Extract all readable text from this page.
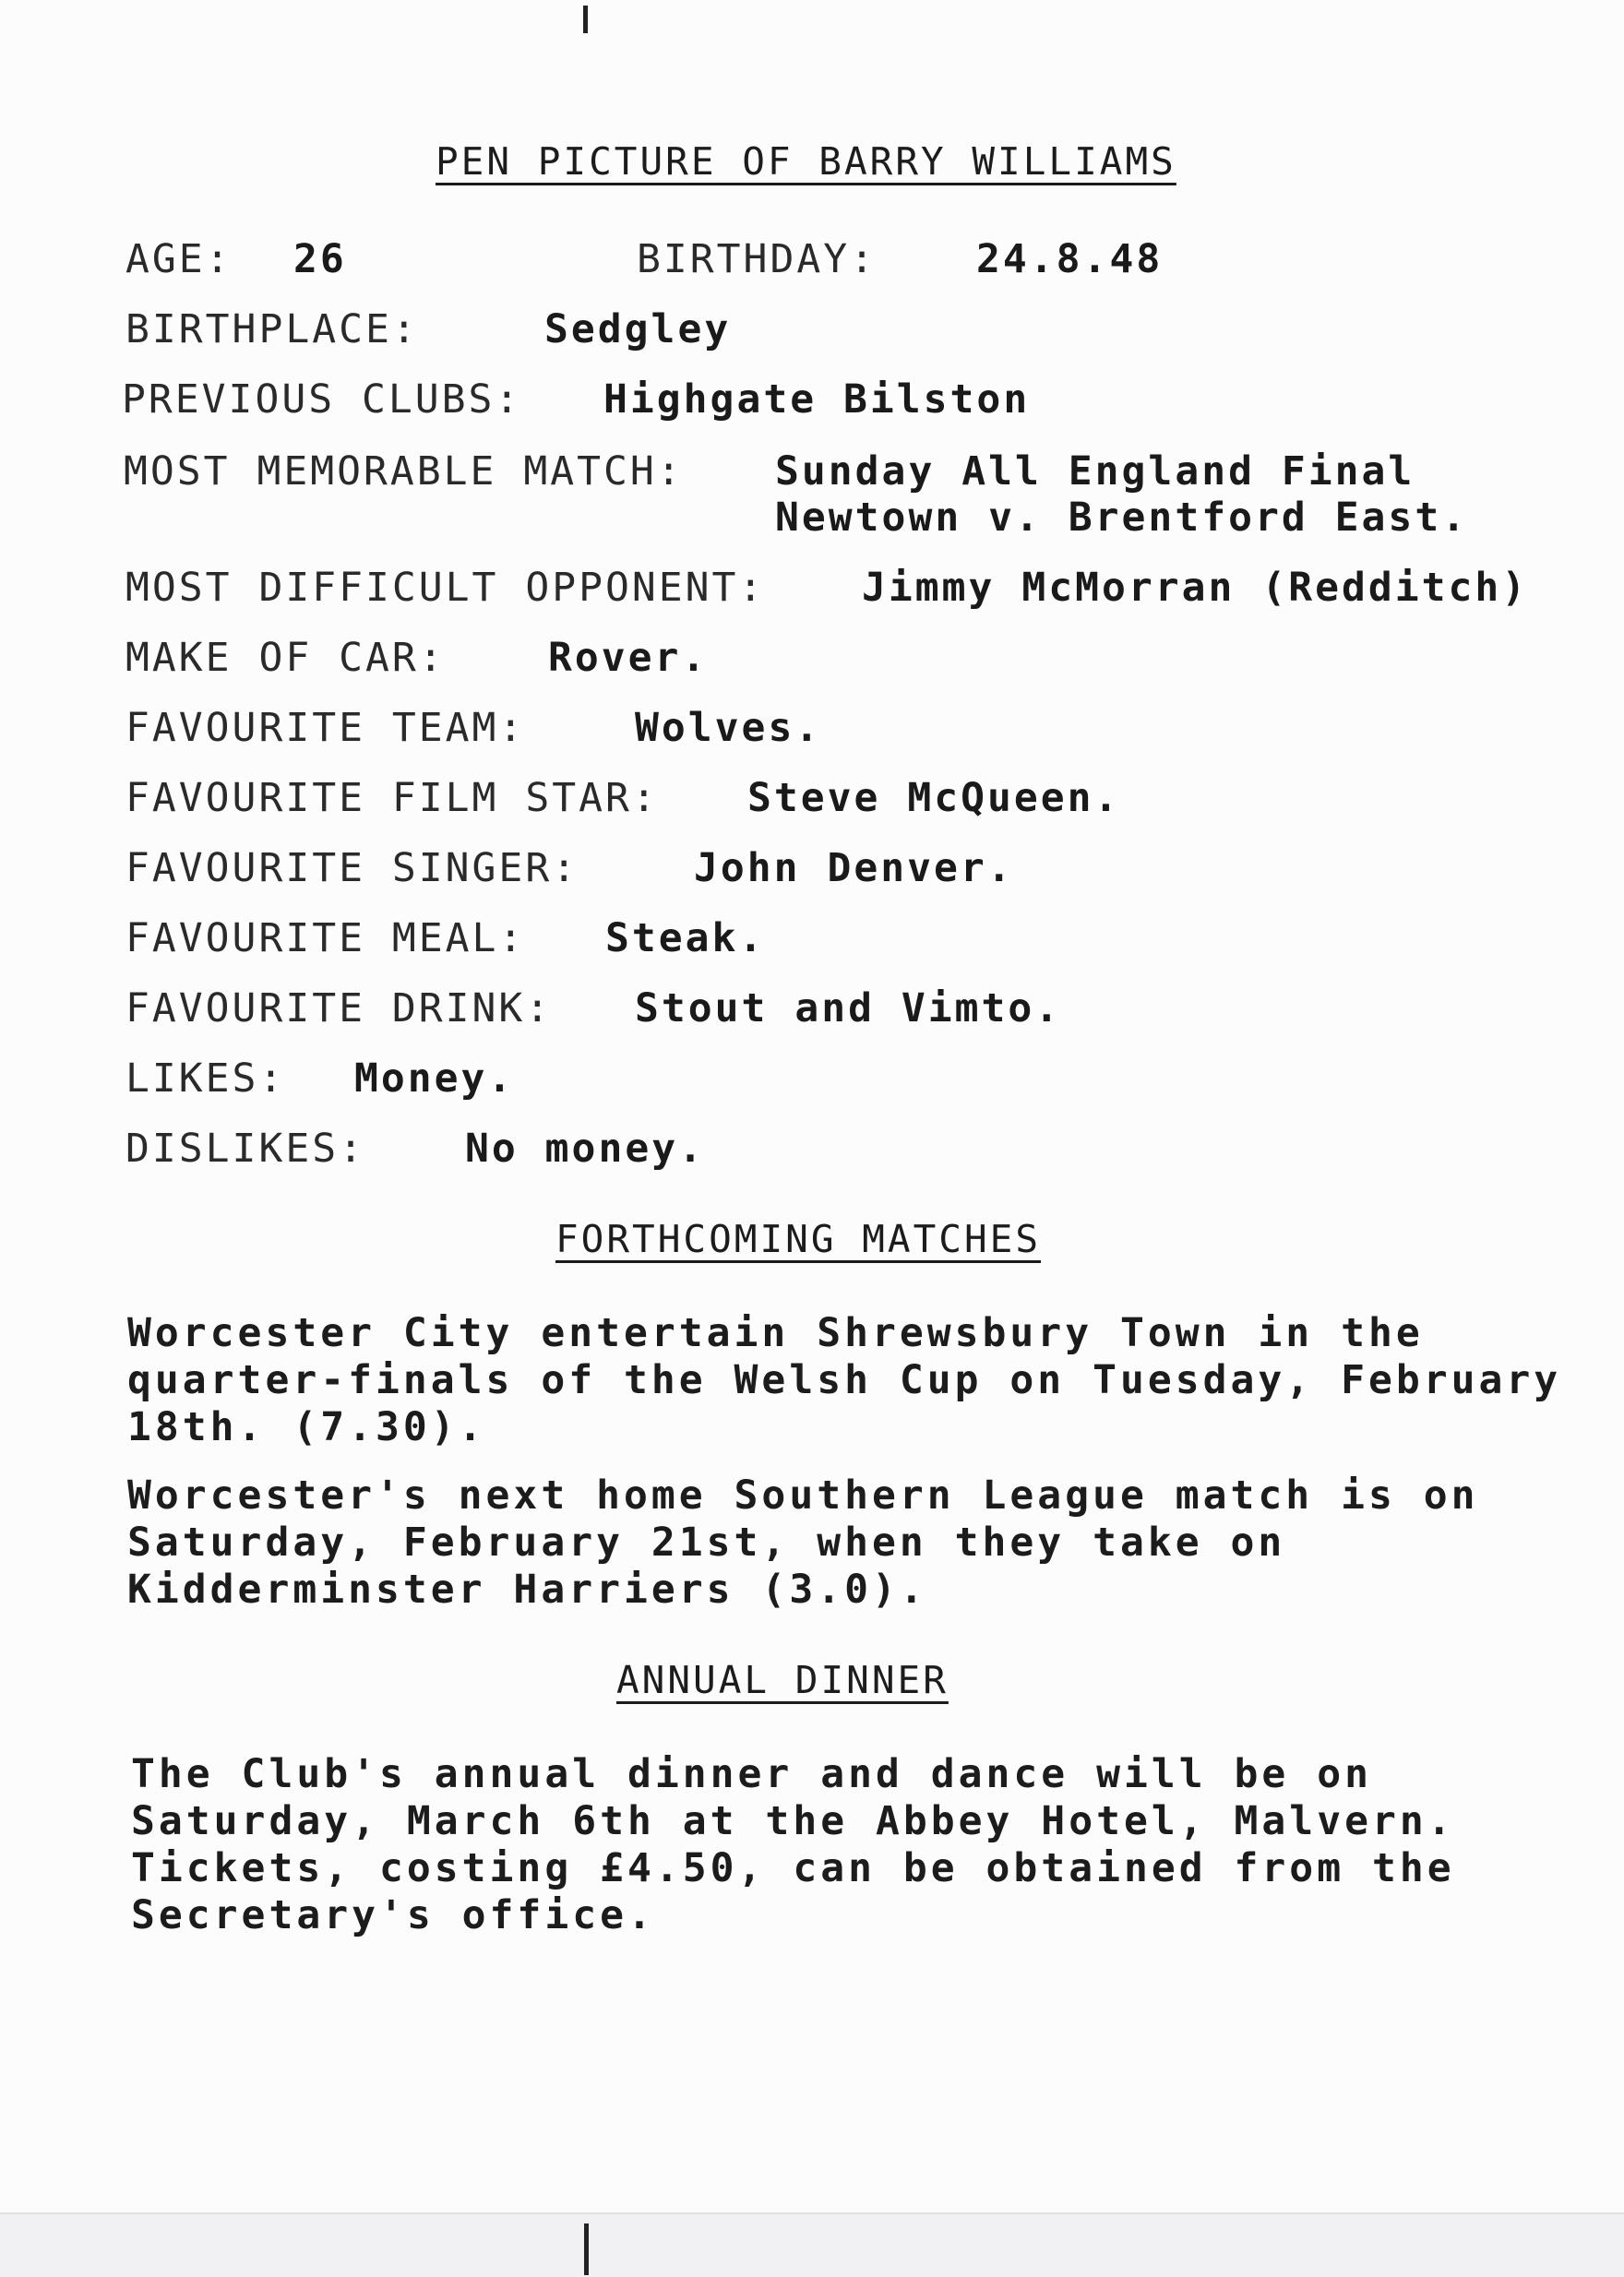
PEN PICTURE OF BARRY WILLIAMS
AGE: 26	BIRTHDAY:	24.8.48
BIRTHPLACE:	Sedgley
PREVIOUS CLUBS: Highgate Bilston
MOST MEMORABLE MATCH: Sunday All England Final
Newtown v. Brentford East.
MOST DIFFICULT OPPONENT: Jimmy McMorran (Redditch)
MAKE OF CAR:	Rover.
FAVOURITE TEAM:	Wolves.
FAVOURITE FILM STAR: Steve McQueen.
FAVOURITE SINGER:	John Denver.
FAVOURITE MEAL: Steak.
FAVOURITE DRINK: Stout and Vimto.
LIKES: Money.
DISLIKES:	No money.
FORTHCOMING MATCHES
Worcester City entertain Shrewsbury Town in the
quarter-finals of the Welsh Cup on Tuesday, February
18th. (7.30).
Worcester's next home Southern League match is on
Saturday, February 21st, when they take on
Kidderminster Harriers (3.0).
ANNUAL DINNER
The Club's annual dinner and dance will be on
Saturday, March 6th at the Abbey Hotel, Malvern.
Tickets, costing £4.50, can be obtained from the
Secretary's office.
